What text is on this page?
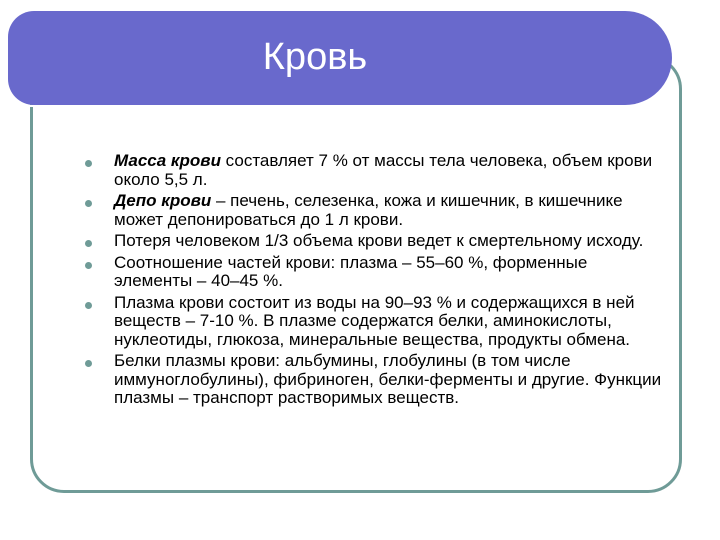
Кровь
Масса крови составляет 7 % от массы тела человека, объем крови около 5,5 л.
Депо крови – печень, селезенка, кожа и кишечник, в кишечнике может депонироваться до 1 л крови.
Потеря человеком 1/3 объема крови ведет к смертельному исходу.
Соотношение частей крови: плазма – 55–60 %, форменные элементы – 40–45 %.
Плазма крови состоит из воды на 90–93 % и содержащихся в ней веществ – 7-10 %. В плазме содержатся белки, аминокислоты, нуклеотиды, глюкоза, минеральные вещества, продукты обмена.
Белки плазмы крови: альбумины, глобулины (в том числе иммуноглобулины), фибриноген, белки-ферменты и другие. Функции плазмы – транспорт растворимых веществ.
